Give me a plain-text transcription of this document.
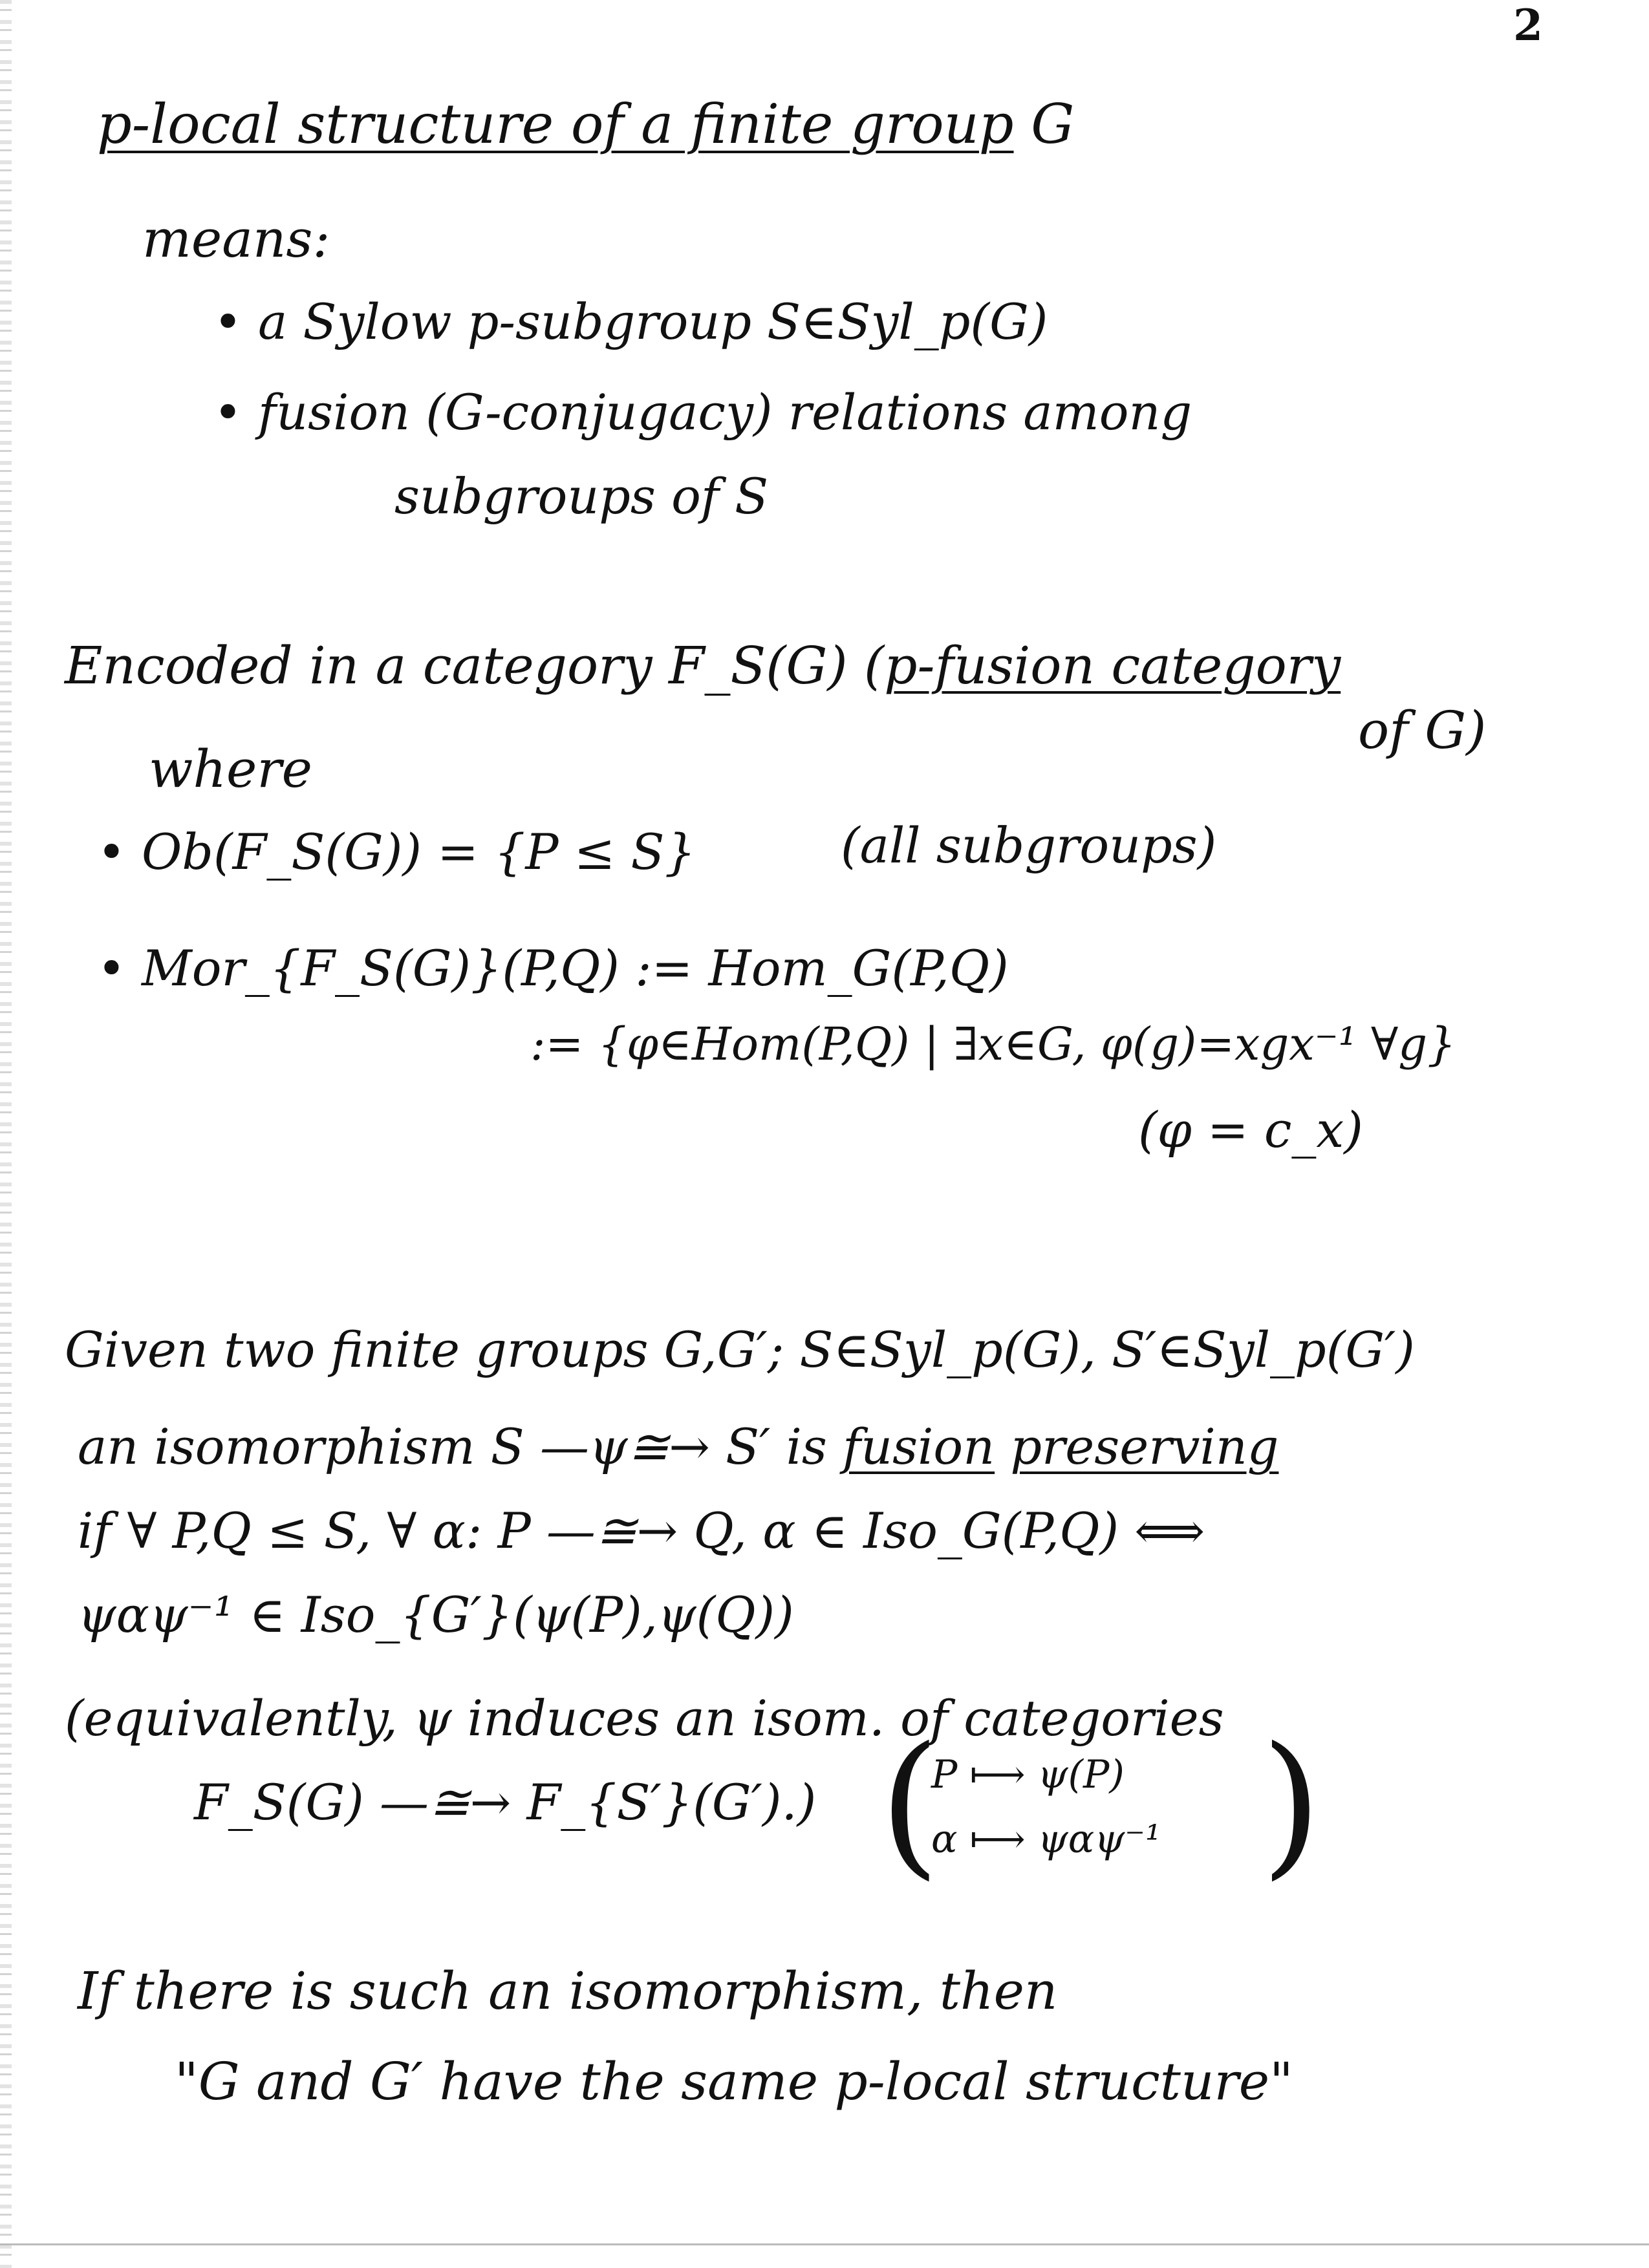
2
p-local structure of a finite group G
means:
• a Sylow p-subgroup S∈Syl_p(G)
• fusion (G-conjugacy) relations among
subgroups of S
Encoded in a category F_S(G) (p-fusion category
of G)
where
• Ob(F_S(G)) = {P ≤ S}	(all subgroups)
• Mor_{F_S(G)}(P,Q) := Hom_G(P,Q)
:= {φ∈Hom(P,Q) | ∃x∈G, φ(g)=xgx⁻¹ ∀g}
(φ = c_x)
Given two finite groups G,G′; S∈Syl_p(G), S′∈Syl_p(G′)
an isomorphism S —ψ≅→ S′ is fusion preserving
if ∀ P,Q ≤ S, ∀ α: P —≅→ Q, α ∈ Iso_G(P,Q) ⟺
ψαψ⁻¹ ∈ Iso_{G′}(ψ(P),ψ(Q))
(equivalently, ψ induces an isom. of categories
F_S(G) —≅→ F_{S′}(G′).) (
P ⟼ ψ(P)
α ⟼ ψαψ⁻¹ )
If there is such an isomorphism, then
"G and G′ have the same p-local structure"
